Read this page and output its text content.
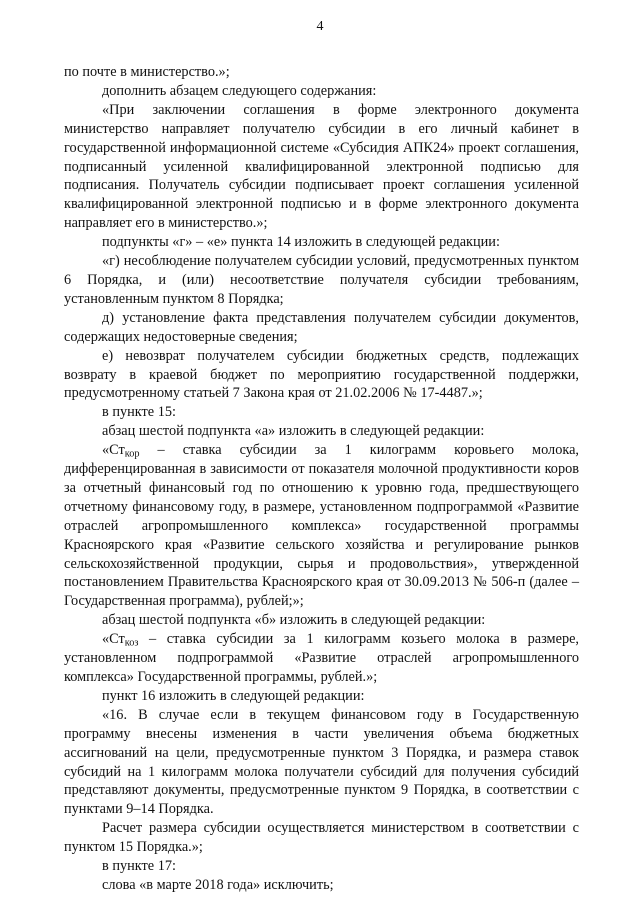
4

по почте в министерство.»;

дополнить абзацем следующего содержания:

«При заключении соглашения в форме электронного документа министерство направляет получателю субсидии в его личный кабинет в государственной информационной системе «Субсидия АПК24» проект соглашения, подписанный усиленной квалифицированной электронной подписью для подписания. Получатель субсидии подписывает проект соглашения усиленной квалифицированной электронной подписью и в форме электронного документа направляет его в министерство.»;

подпункты «г» – «е» пункта 14 изложить в следующей редакции:

«г) несоблюдение получателем субсидии условий, предусмотренных пунктом 6 Порядка, и (или) несоответствие получателя субсидии требованиям, установленным пунктом 8 Порядка;

д) установление факта представления получателем субсидии документов, содержащих недостоверные сведения;

е) невозврат получателем субсидии бюджетных средств, подлежащих возврату в краевой бюджет по мероприятию государственной поддержки, предусмотренному статьей 7 Закона края от 21.02.2006 № 17-4487.»;

в пункте 15:

абзац шестой подпункта «а» изложить в следующей редакции:

«$Ст_{кор}$ – ставка субсидии за 1 килограмм коровьего молока, дифференцированная в зависимости от показателя молочной продуктивности коров за отчетный финансовый год по отношению к уровню года, предшествующего отчетному финансовому году, в размере, установленном подпрограммой «Развитие отраслей агропромышленного комплекса» государственной программы Красноярского края «Развитие сельского хозяйства и регулирование рынков сельскохозяйственной продукции, сырья и продовольствия», утвержденной постановлением Правительства Красноярского края от 30.09.2013 № 506-п (далее – Государственная программа), рублей;»;

абзац шестой подпункта «б» изложить в следующей редакции:

«$Ст_{коз}$ – ставка субсидии за 1 килограмм козьего молока в размере, установленном подпрограммой «Развитие отраслей агропромышленного комплекса» Государственной программы, рублей.»;

пункт 16 изложить в следующей редакции:

«16. В случае если в текущем финансовом году в Государственную программу внесены изменения в части увеличения объема бюджетных ассигнований на цели, предусмотренные пунктом 3 Порядка, и размера ставок субсидий на 1 килограмм молока получатели субсидий для получения субсидий представляют документы, предусмотренные пунктом 9 Порядка, в соответствии с пунктами 9–14 Порядка.

Расчет размера субсидии осуществляется министерством в соответствии с пунктом 15 Порядка.»;

в пункте 17:

слова «в марте 2018 года» исключить;
